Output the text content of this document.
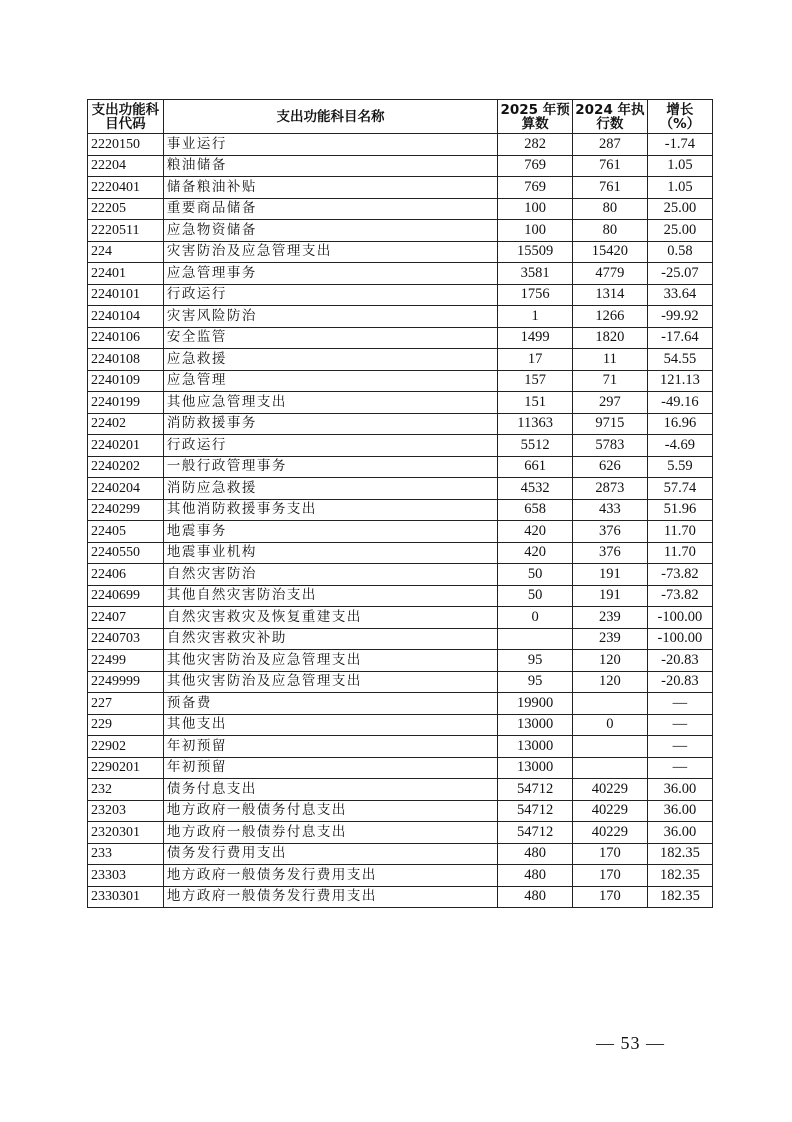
支出功能科目代码	支出功能科目名称	2025 年预算数	2024 年执行数	增长（%）
2220150	事业运行	282	287	-1.74
22204	粮油储备	769	761	1.05
2220401	储备粮油补贴	769	761	1.05
22205	重要商品储备	100	80	25.00
2220511	应急物资储备	100	80	25.00
224	灾害防治及应急管理支出	15509	15420	0.58
22401	应急管理事务	3581	4779	-25.07
2240101	行政运行	1756	1314	33.64
2240104	灾害风险防治	1	1266	-99.92
2240106	安全监管	1499	1820	-17.64
2240108	应急救援	17	11	54.55
2240109	应急管理	157	71	121.13
2240199	其他应急管理支出	151	297	-49.16
22402	消防救援事务	11363	9715	16.96
2240201	行政运行	5512	5783	-4.69
2240202	一般行政管理事务	661	626	5.59
2240204	消防应急救援	4532	2873	57.74
2240299	其他消防救援事务支出	658	433	51.96
22405	地震事务	420	376	11.70
2240550	地震事业机构	420	376	11.70
22406	自然灾害防治	50	191	-73.82
2240699	其他自然灾害防治支出	50	191	-73.82
22407	自然灾害救灾及恢复重建支出	0	239	-100.00
2240703	自然灾害救灾补助		239	-100.00
22499	其他灾害防治及应急管理支出	95	120	-20.83
2249999	其他灾害防治及应急管理支出	95	120	-20.83
227	预备费	19900		—
229	其他支出	13000	0	—
22902	年初预留	13000		—
2290201	年初预留	13000		—
232	债务付息支出	54712	40229	36.00
23203	地方政府一般债务付息支出	54712	40229	36.00
2320301	地方政府一般债券付息支出	54712	40229	36.00
233	债务发行费用支出	480	170	182.35
23303	地方政府一般债务发行费用支出	480	170	182.35
2330301	地方政府一般债务发行费用支出	480	170	182.35
— 53 —
